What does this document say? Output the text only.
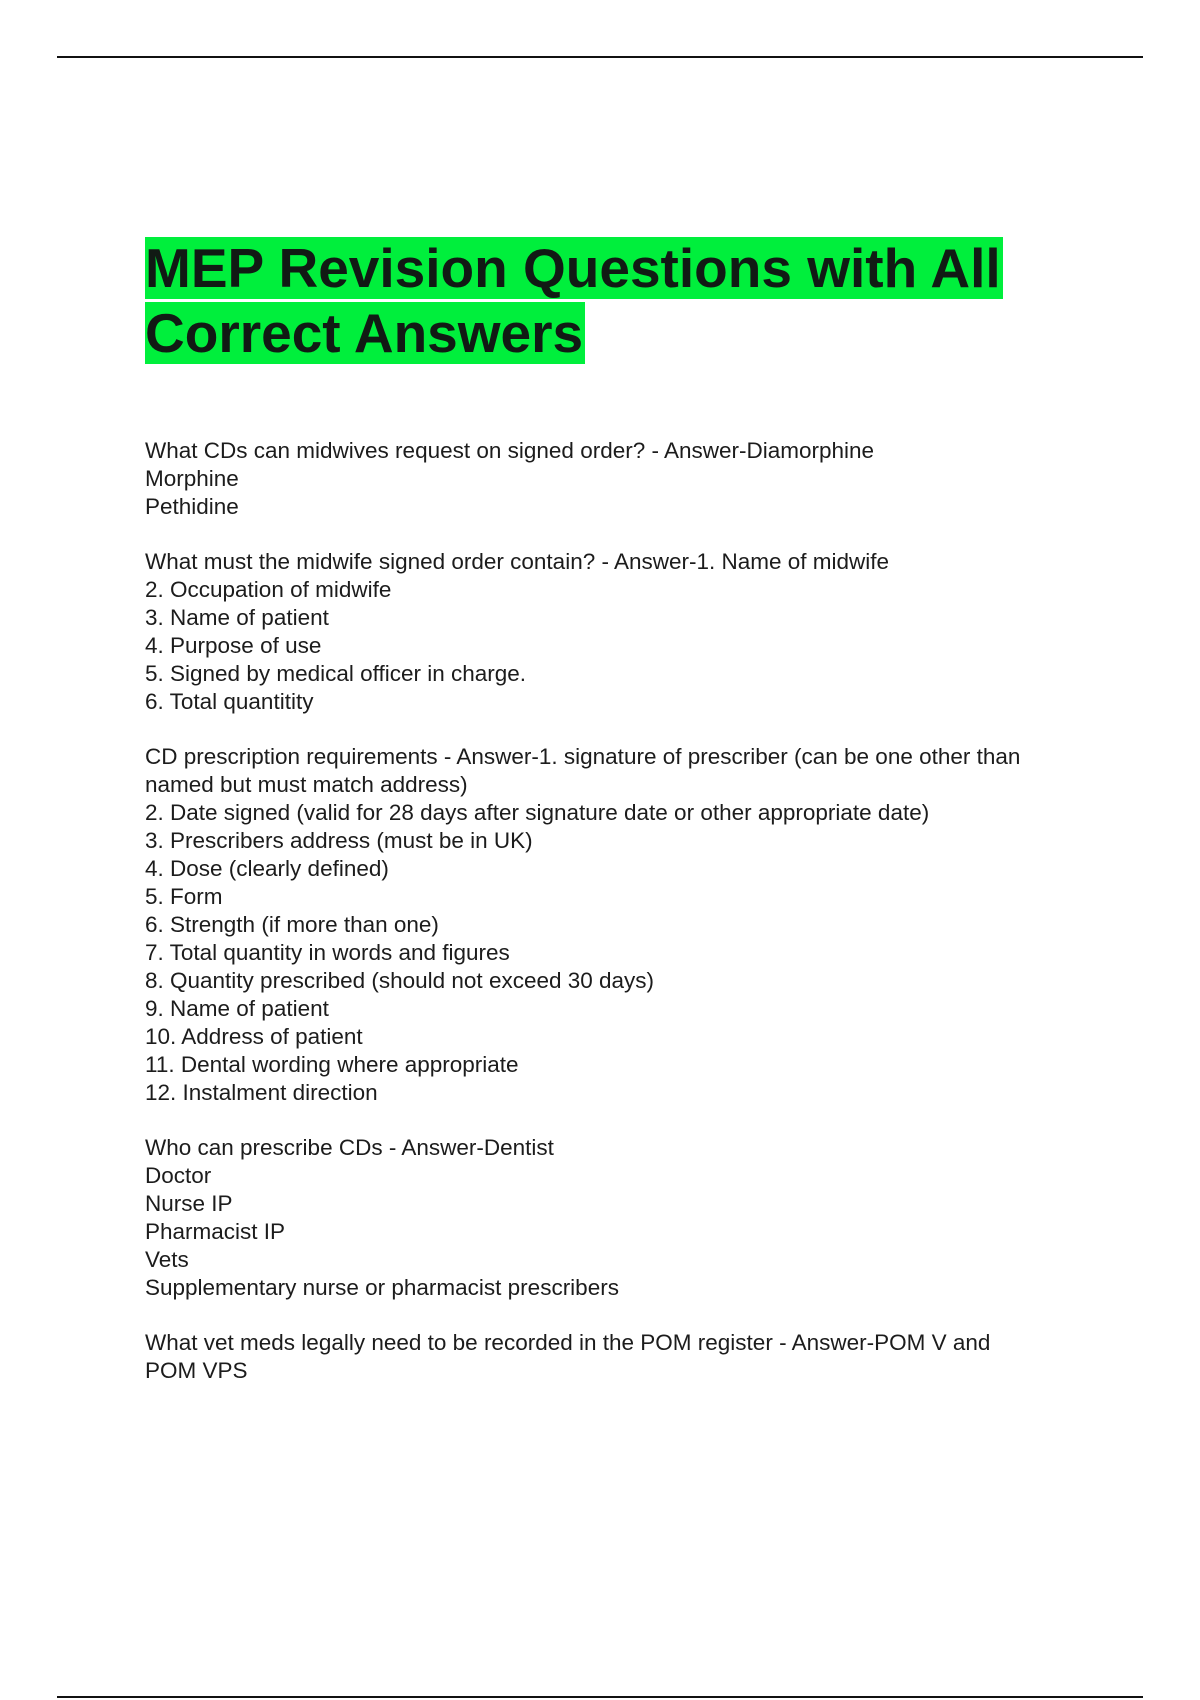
MEP Revision Questions with All
Correct Answers
What CDs can midwives request on signed order? - Answer-Diamorphine
Morphine
Pethidine
What must the midwife signed order contain? - Answer-1. Name of midwife
2. Occupation of midwife
3. Name of patient
4. Purpose of use
5. Signed by medical officer in charge.
6. Total quantitity
CD prescription requirements - Answer-1. signature of prescriber (can be one other than
named but must match address)
2. Date signed (valid for 28 days after signature date or other appropriate date)
3. Prescribers address (must be in UK)
4. Dose (clearly defined)
5. Form
6. Strength (if more than one)
7. Total quantity in words and figures
8. Quantity prescribed (should not exceed 30 days)
9. Name of patient
10. Address of patient
11. Dental wording where appropriate
12. Instalment direction
Who can prescribe CDs - Answer-Dentist
Doctor
Nurse IP
Pharmacist IP
Vets
Supplementary nurse or pharmacist prescribers
What vet meds legally need to be recorded in the POM register - Answer-POM V and
POM VPS
